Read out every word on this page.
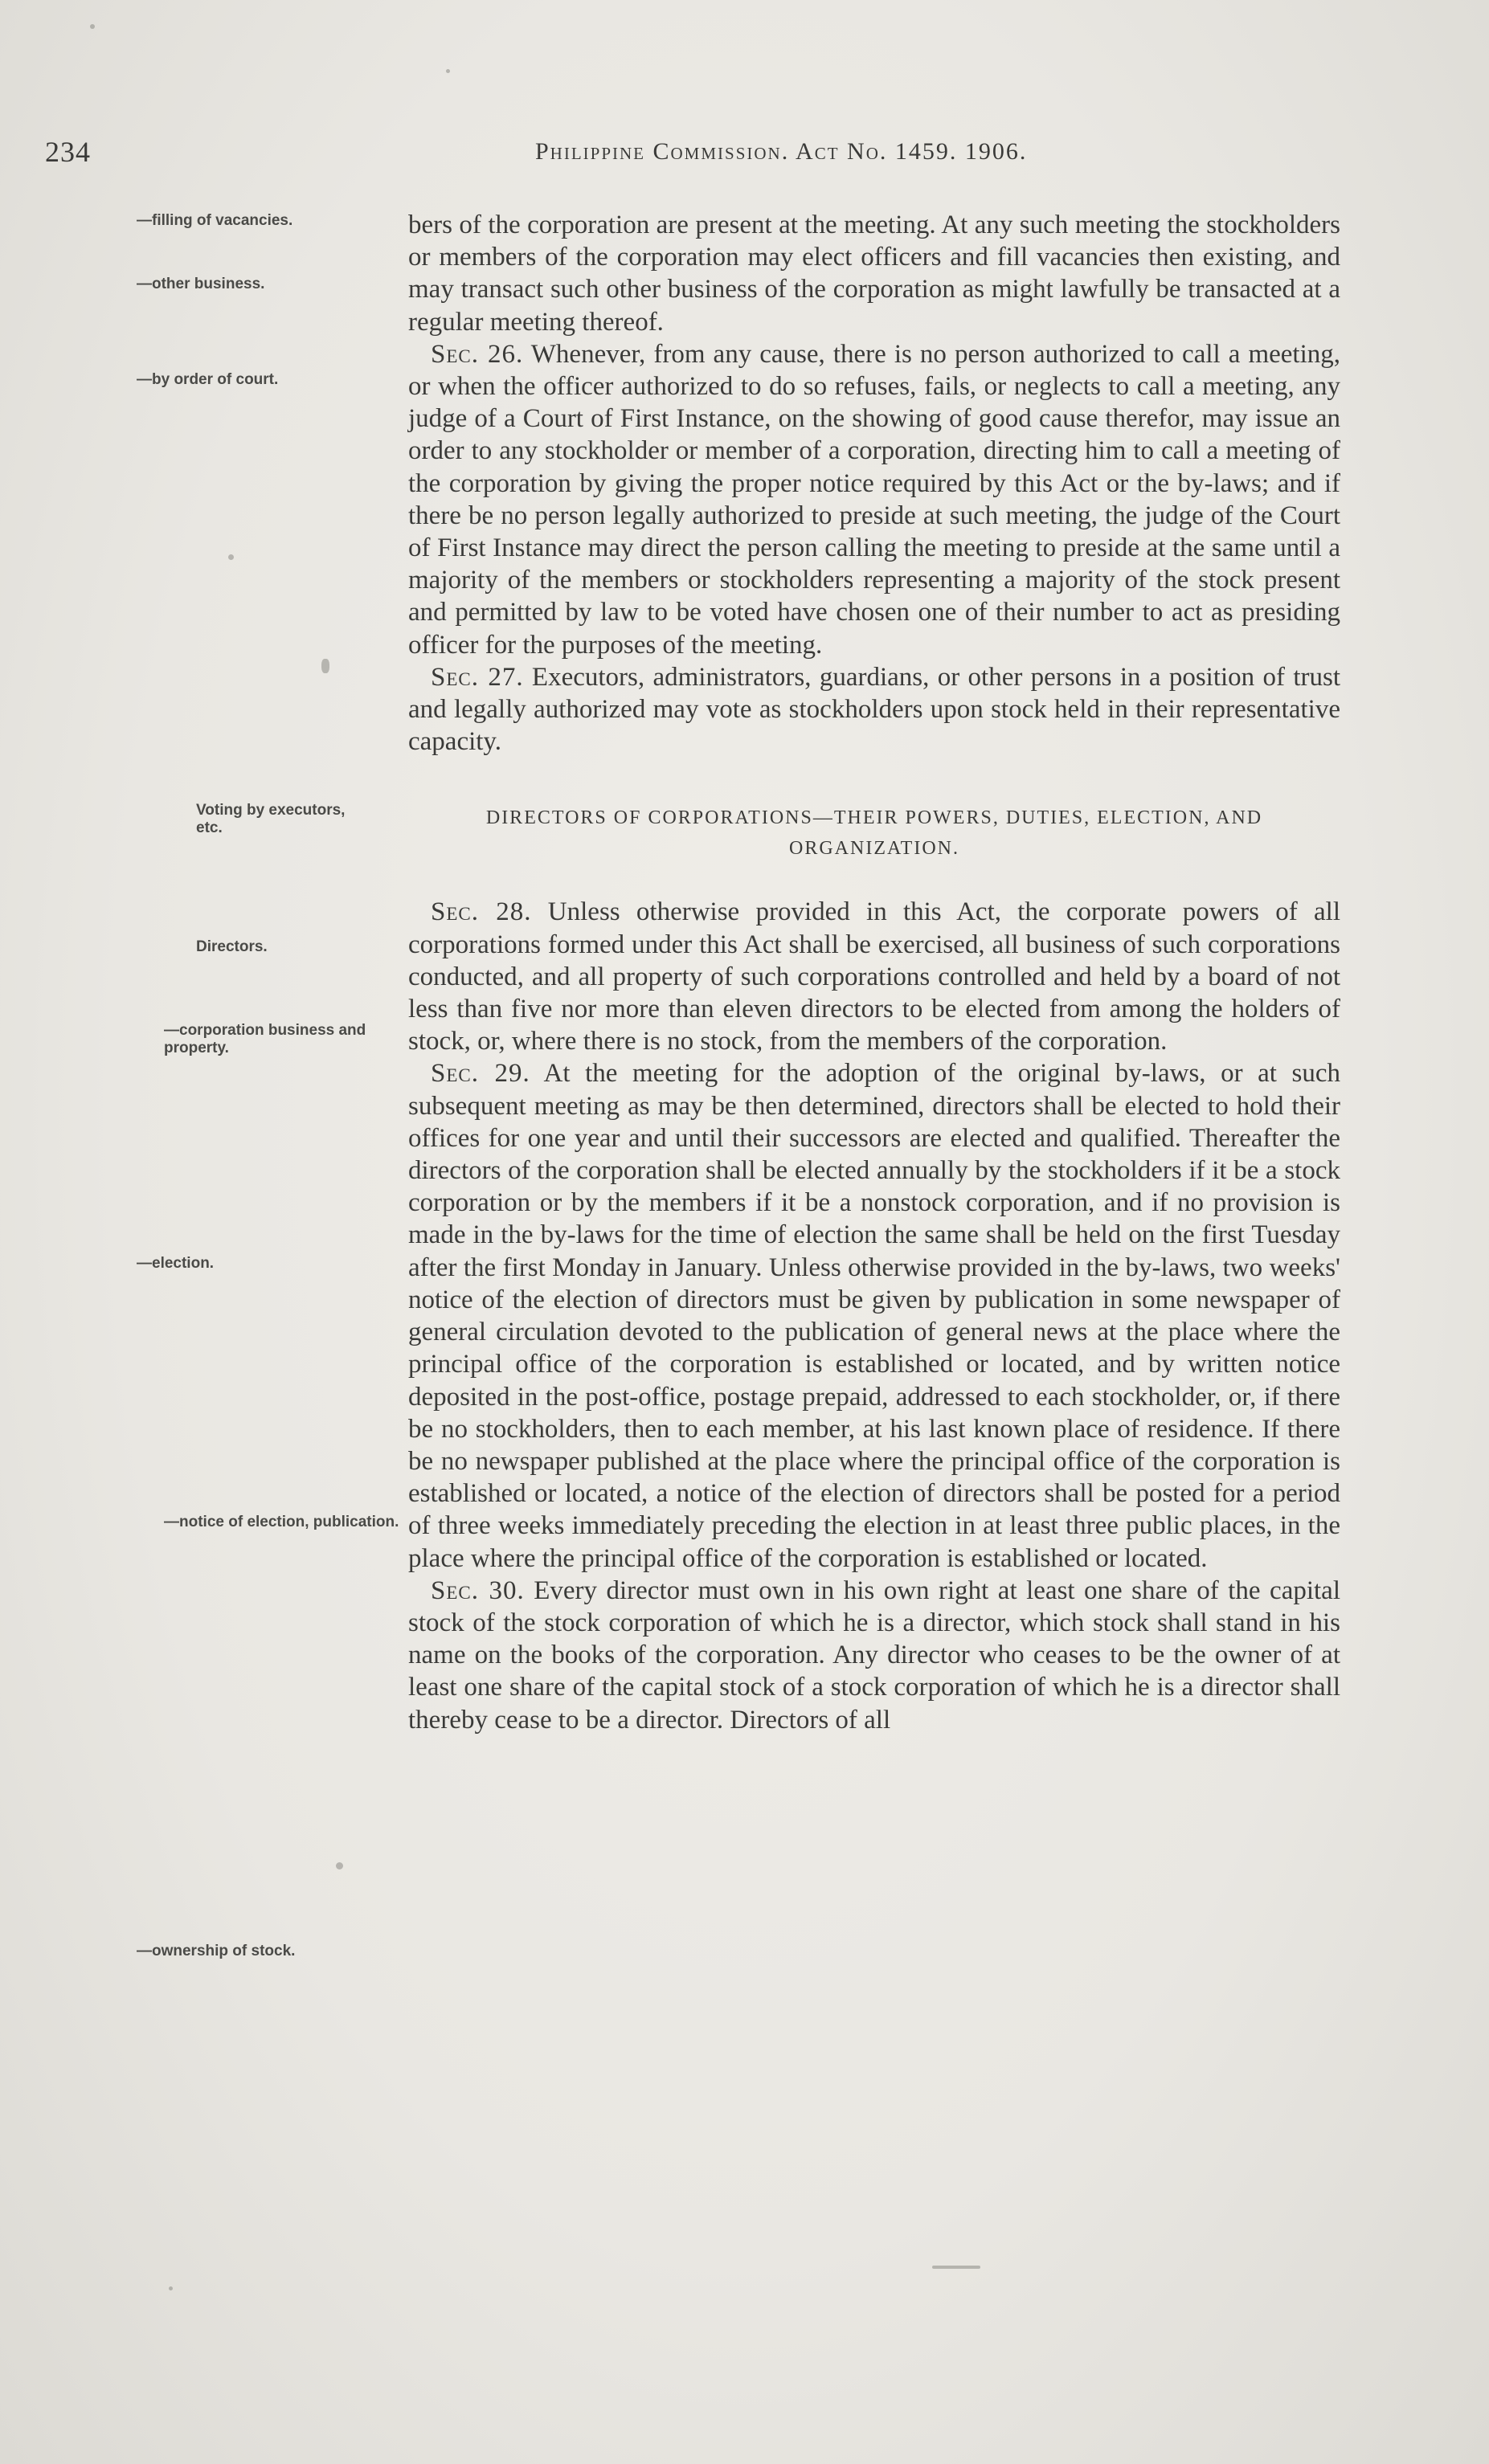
234	Philippine Commission. Act No. 1459. 1906.
—filling of vacancies.
—other business.
—by order of court.
Voting by executors, etc.
Directors.
—corporation business and property.
—election.
—notice of election, publication.
—ownership of stock.

bers of the corporation are present at the meeting. At any such meeting the stockholders or members of the corporation may elect officers and fill vacancies then existing, and may transact such other business of the corporation as might lawfully be transacted at a regular meeting thereof.

Sec. 26. Whenever, from any cause, there is no person authorized to call a meeting, or when the officer authorized to do so refuses, fails, or neglects to call a meeting, any judge of a Court of First Instance, on the showing of good cause therefor, may issue an order to any stockholder or member of a corporation, directing him to call a meeting of the corporation by giving the proper notice required by this Act or the by-laws; and if there be no person legally authorized to preside at such meeting, the judge of the Court of First Instance may direct the person calling the meeting to preside at the same until a majority of the members or stockholders representing a majority of the stock present and permitted by law to be voted have chosen one of their number to act as presiding officer for the purposes of the meeting.

Sec. 27. Executors, administrators, guardians, or other persons in a position of trust and legally authorized may vote as stockholders upon stock held in their representative capacity.

DIRECTORS OF CORPORATIONS—THEIR POWERS, DUTIES, ELECTION, AND ORGANIZATION.

Sec. 28. Unless otherwise provided in this Act, the corporate powers of all corporations formed under this Act shall be exercised, all business of such corporations conducted, and all property of such corporations controlled and held by a board of not less than five nor more than eleven directors to be elected from among the holders of stock, or, where there is no stock, from the members of the corporation.

Sec. 29. At the meeting for the adoption of the original by-laws, or at such subsequent meeting as may be then determined, directors shall be elected to hold their offices for one year and until their successors are elected and qualified. Thereafter the directors of the corporation shall be elected annually by the stockholders if it be a stock corporation or by the members if it be a nonstock corporation, and if no provision is made in the by-laws for the time of election the same shall be held on the first Tuesday after the first Monday in January. Unless otherwise provided in the by-laws, two weeks' notice of the election of directors must be given by publication in some newspaper of general circulation devoted to the publication of general news at the place where the principal office of the corporation is established or located, and by written notice deposited in the post-office, postage prepaid, addressed to each stockholder, or, if there be no stockholders, then to each member, at his last known place of residence. If there be no newspaper published at the place where the principal office of the corporation is established or located, a notice of the election of directors shall be posted for a period of three weeks immediately preceding the election in at least three public places, in the place where the principal office of the corporation is established or located.

Sec. 30. Every director must own in his own right at least one share of the capital stock of the stock corporation of which he is a director, which stock shall stand in his name on the books of the corporation. Any director who ceases to be the owner of at least one share of the capital stock of a stock corporation of which he is a director shall thereby cease to be a director. Directors of all
